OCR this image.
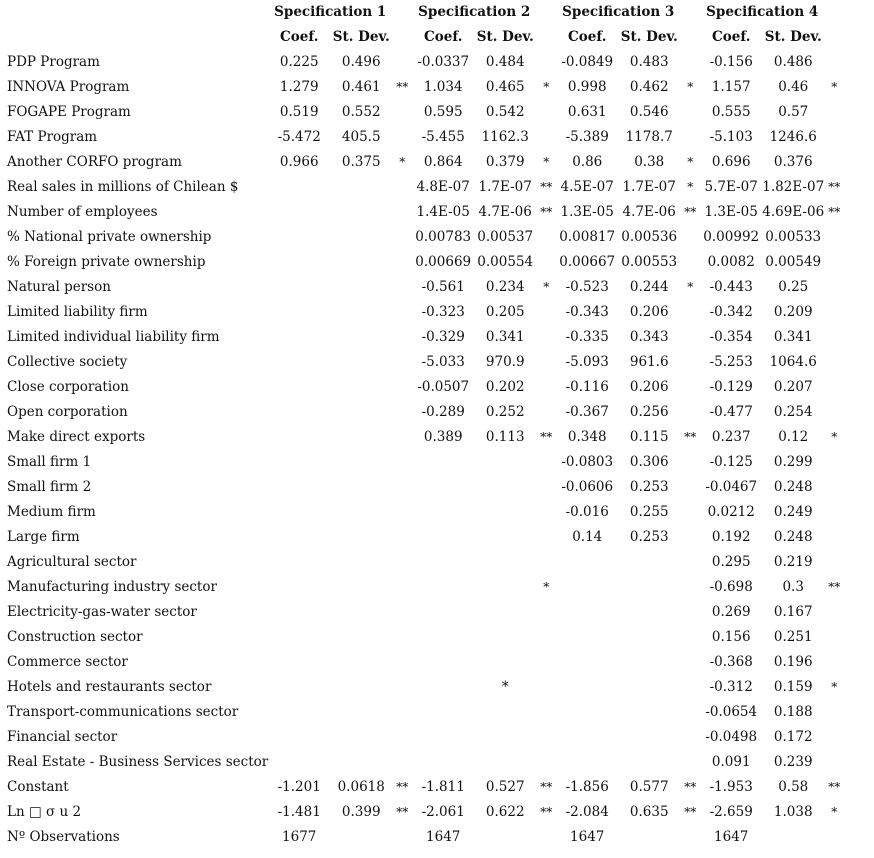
	Specification 1			Specification 2			Specification 3			Specification 4		
	Coef.	St. Dev.		Coef.	St. Dev.		Coef.	St. Dev.		Coef.	St. Dev.	
PDP Program	0.225	0.496		-0.0337	0.484		-0.0849	0.483		-0.156	0.486	
INNOVA Program	1.279	0.461	**	1.034	0.465	*	0.998	0.462	*	1.157	0.46	*
FOGAPE Program	0.519	0.552		0.595	0.542		0.631	0.546		0.555	0.57	
FAT Program	-5.472	405.5		-5.455	1162.3		-5.389	1178.7		-5.103	1246.6	
Another CORFO program	0.966	0.375	*	0.864	0.379	*	0.86	0.38	*	0.696	0.376	
Real sales in millions of Chilean $				4.8E-07	1.7E-07	**	4.5E-07	1.7E-07	*	5.7E-07	1.82E-07	**
Number of employees				1.4E-05	4.7E-06	**	1.3E-05	4.7E-06	**	1.3E-05	4.69E-06	**
% National private ownership				0.00783	0.00537		0.00817	0.00536		0.00992	0.00533	
% Foreign private ownership				0.00669	0.00554		0.00667	0.00553		0.0082	0.00549	
Natural person				-0.561	0.234	*	-0.523	0.244	*	-0.443	0.25	
Limited liability firm				-0.323	0.205		-0.343	0.206		-0.342	0.209	
Limited individual liability firm				-0.329	0.341		-0.335	0.343		-0.354	0.341	
Collective society				-5.033	970.9		-5.093	961.6		-5.253	1064.6	
Close corporation				-0.0507	0.202		-0.116	0.206		-0.129	0.207	
Open corporation				-0.289	0.252		-0.367	0.256		-0.477	0.254	
Make direct exports				0.389	0.113	**	0.348	0.115	**	0.237	0.12	*
Small firm 1							-0.0803	0.306		-0.125	0.299	
Small firm 2							-0.0606	0.253		-0.0467	0.248	
Medium firm							-0.016	0.255		0.0212	0.249	
Large firm							0.14	0.253		0.192	0.248	
Agricultural sector										0.295	0.219	
Manufacturing industry sector						*				-0.698	0.3	**
Electricity-gas-water sector										0.269	0.167	
Construction sector										0.156	0.251	
Commerce sector										-0.368	0.196	
Hotels and restaurants sector					*					-0.312	0.159	*
Transport-communications sector										-0.0654	0.188	
Financial sector										-0.0498	0.172	
Real Estate - Business Services sector										0.091	0.239	
Constant	-1.201	0.0618	**	-1.811	0.527	**	-1.856	0.577	**	-1.953	0.58	**
Ln □ σ u 2	-1.481	0.399	**	-2.061	0.622	**	-2.084	0.635	**	-2.659	1.038	*
Nº Observations	1677			1647			1647			1647		
